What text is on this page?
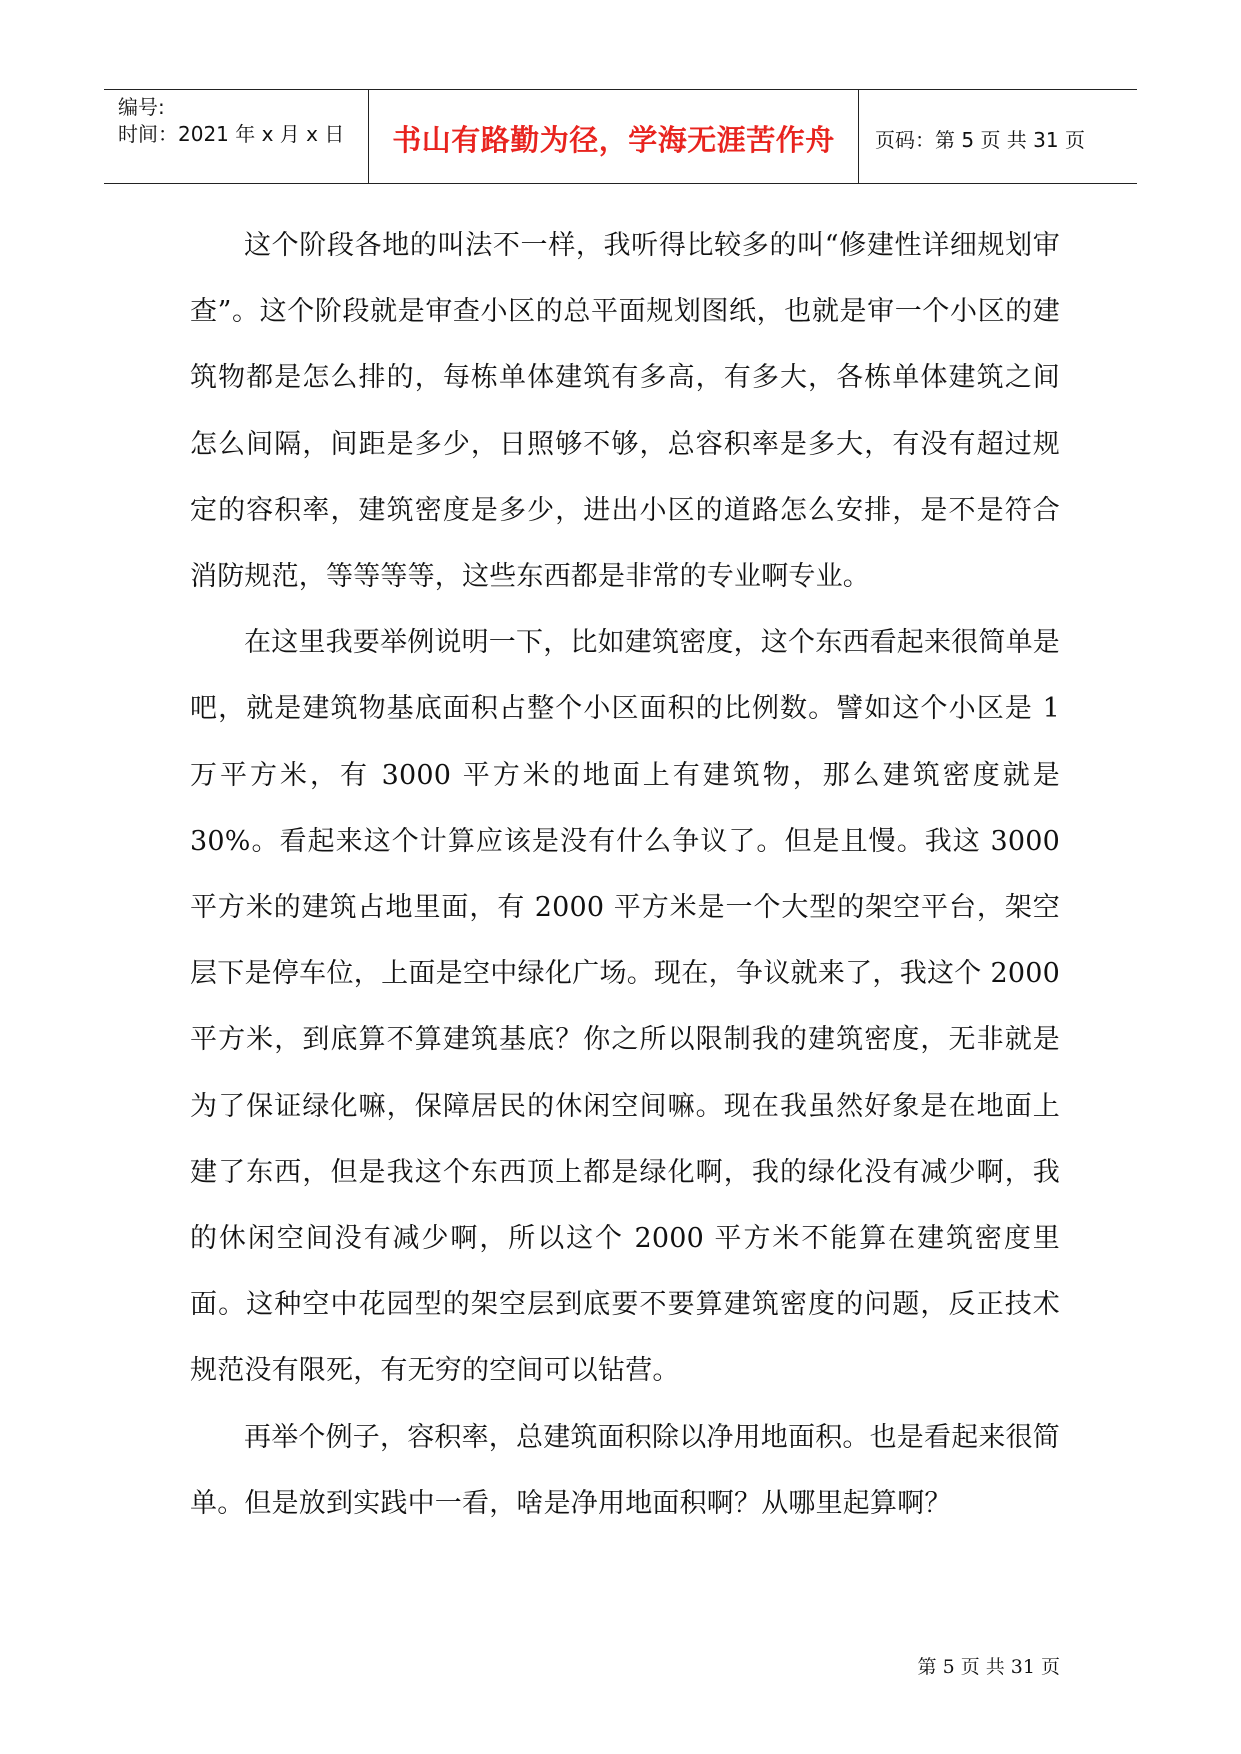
编号:
时间：2021 年 x 月 x 日	书山有路勤为径，学海无涯苦作舟 页码：第 5 页 共 31 页

这个阶段各地的叫法不一样，我听得比较多的叫“修建性详细规划审查”。这个阶段就是审查小区的总平面规划图纸，也就是审一个小区的建筑物都是怎么排的，每栋单体建筑有多高，有多大，各栋单体建筑之间怎么间隔，间距是多少，日照够不够，总容积率是多大，有没有超过规定的容积率，建筑密度是多少，进出小区的道路怎么安排，是不是符合消防规范，等等等等，这些东西都是非常的专业啊专业。

在这里我要举例说明一下，比如建筑密度，这个东西看起来很简单是吧，就是建筑物基底面积占整个小区面积的比例数。譬如这个小区是 1 万平方米，有 3000 平方米的地面上有建筑物，那么建筑密度就是 30%。看起来这个计算应该是没有什么争议了。但是且慢。我这 3000 平方米的建筑占地里面，有 2000 平方米是一个大型的架空平台，架空层下是停车位，上面是空中绿化广场。现在，争议就来了，我这个 2000 平方米，到底算不算建筑基底？你之所以限制我的建筑密度，无非就是为了保证绿化嘛，保障居民的休闲空间嘛。现在我虽然好象是在地面上建了东西，但是我这个东西顶上都是绿化啊，我的绿化没有减少啊，我的休闲空间没有减少啊，所以这个 2000 平方米不能算在建筑密度里面。这种空中花园型的架空层到底要不要算建筑密度的问题，反正技术规范没有限死，有无穷的空间可以钻营。

再举个例子，容积率，总建筑面积除以净用地面积。也是看起来很简单。但是放到实践中一看，啥是净用地面积啊？从哪里起算啊？

第 5 页 共 31 页
